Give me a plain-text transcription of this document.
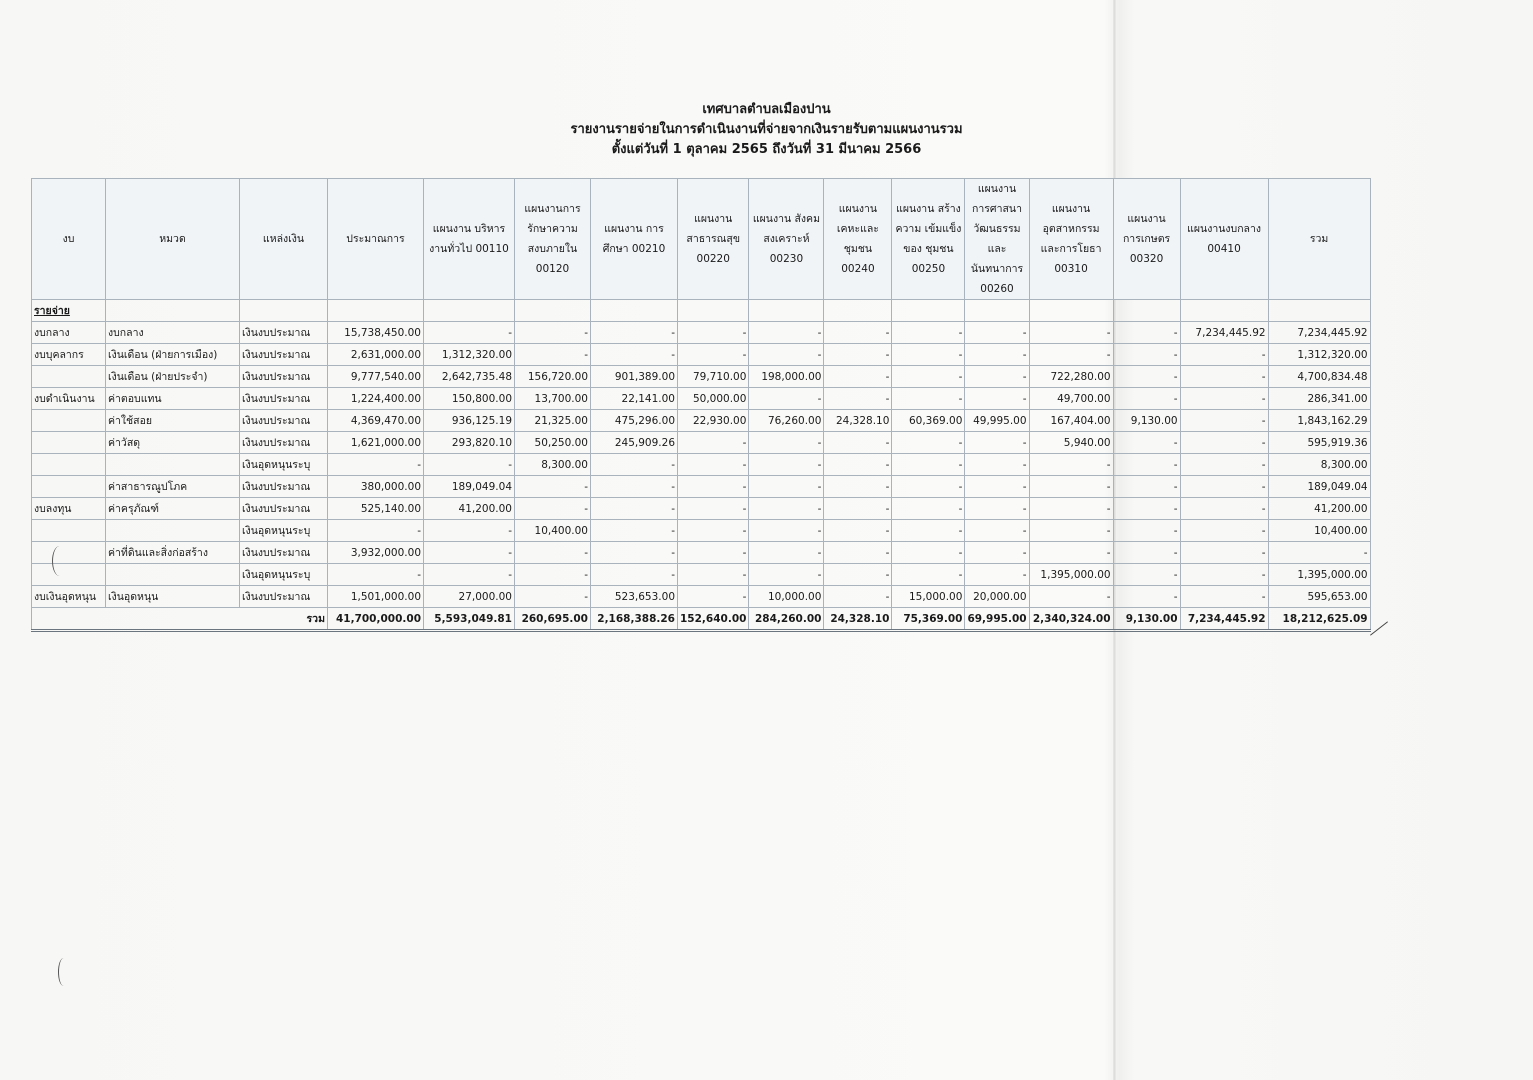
เทศบาลตำบลเมืองปาน
รายงานรายจ่ายในการดำเนินงานที่จ่ายจากเงินรายรับตามแผนงานรวม
ตั้งแต่วันที่ 1 ตุลาคม 2565 ถึงวันที่ 31 มีนาคม 2566
งบ	หมวด	แหล่งเงิน	ประมาณการ	แผนงาน บริหารงานทั่วไป 00110	แผนงานการ รักษาความ สงบภายใน 00120	แผนงาน การศึกษา 00210	แผนงาน สาธารณสุข 00220	แผนงาน สังคม สงเคราะห์ 00230	แผนงาน เคหะและ ชุมชน 00240	แผนงาน สร้างความ เข้มแข็งของ ชุมชน 00250	แผนงาน การศาสนา วัฒนธรรม และ นันทนาการ 00260	แผนงาน อุตสาหกรรม และการโยธา 00310	แผนงาน การเกษตร 00320	แผนงานงบกลาง 00410	รวม
รายจ่าย															
งบกลาง	งบกลาง	เงินงบประมาณ	15,738,450.00	-	-	-	-	-	-	-	-	-	-	7,234,445.92	7,234,445.92
งบบุคลากร	เงินเดือน (ฝ่ายการเมือง)	เงินงบประมาณ	2,631,000.00	1,312,320.00	-	-	-	-	-	-	-	-	-	-	1,312,320.00
	เงินเดือน (ฝ่ายประจำ)	เงินงบประมาณ	9,777,540.00	2,642,735.48	156,720.00	901,389.00	79,710.00	198,000.00	-	-	-	722,280.00	-	-	4,700,834.48
งบดำเนินงาน	ค่าตอบแทน	เงินงบประมาณ	1,224,400.00	150,800.00	13,700.00	22,141.00	50,000.00	-	-	-	-	49,700.00	-	-	286,341.00
	ค่าใช้สอย	เงินงบประมาณ	4,369,470.00	936,125.19	21,325.00	475,296.00	22,930.00	76,260.00	24,328.10	60,369.00	49,995.00	167,404.00	9,130.00	-	1,843,162.29
	ค่าวัสดุ	เงินงบประมาณ	1,621,000.00	293,820.10	50,250.00	245,909.26	-	-	-	-	-	5,940.00	-	-	595,919.36
		เงินอุดหนุนระบุ	-	-	8,300.00	-	-	-	-	-	-	-	-	-	8,300.00
	ค่าสาธารณูปโภค	เงินงบประมาณ	380,000.00	189,049.04	-	-	-	-	-	-	-	-	-	-	189,049.04
งบลงทุน	ค่าครุภัณฑ์	เงินงบประมาณ	525,140.00	41,200.00	-	-	-	-	-	-	-	-	-	-	41,200.00
		เงินอุดหนุนระบุ	-	-	10,400.00	-	-	-	-	-	-	-	-	-	10,400.00
	ค่าที่ดินและสิ่งก่อสร้าง	เงินงบประมาณ	3,932,000.00	-	-	-	-	-	-	-	-	-	-	-	-
		เงินอุดหนุนระบุ	-	-	-	-	-	-	-	-	-	1,395,000.00	-	-	1,395,000.00
งบเงินอุดหนุน	เงินอุดหนุน	เงินงบประมาณ	1,501,000.00	27,000.00	-	523,653.00	-	10,000.00	-	15,000.00	20,000.00	-	-	-	595,653.00
รวม			41,700,000.00	5,593,049.81	260,695.00	2,168,388.26	152,640.00	284,260.00	24,328.10	75,369.00	69,995.00	2,340,324.00	9,130.00	7,234,445.92	18,212,625.09
